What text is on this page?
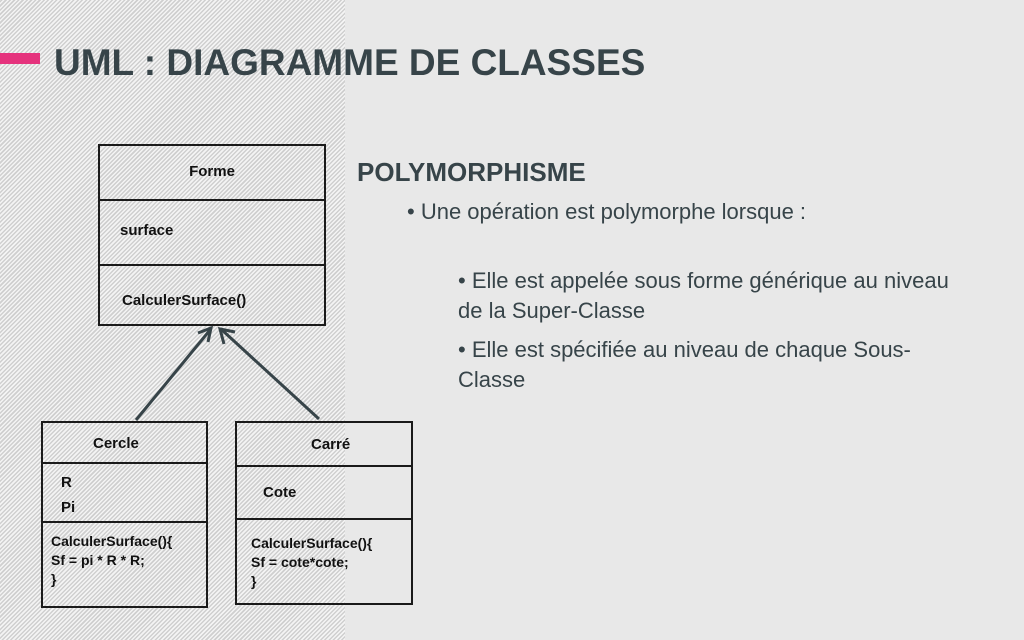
UML : DIAGRAMME DE CLASSES
Forme
surface
CalculerSurface()
Cercle
R
Pi
CalculerSurface(){
Sf = pi * R * R;
}
Carré
Cote
CalculerSurface(){
Sf = cote*cote;
}
POLYMORPHISME
• Une opération est polymorphe lorsque :
• Elle est appelée sous forme générique au niveau de la Super-Classe
• Elle est spécifiée au niveau de chaque Sous-Classe
